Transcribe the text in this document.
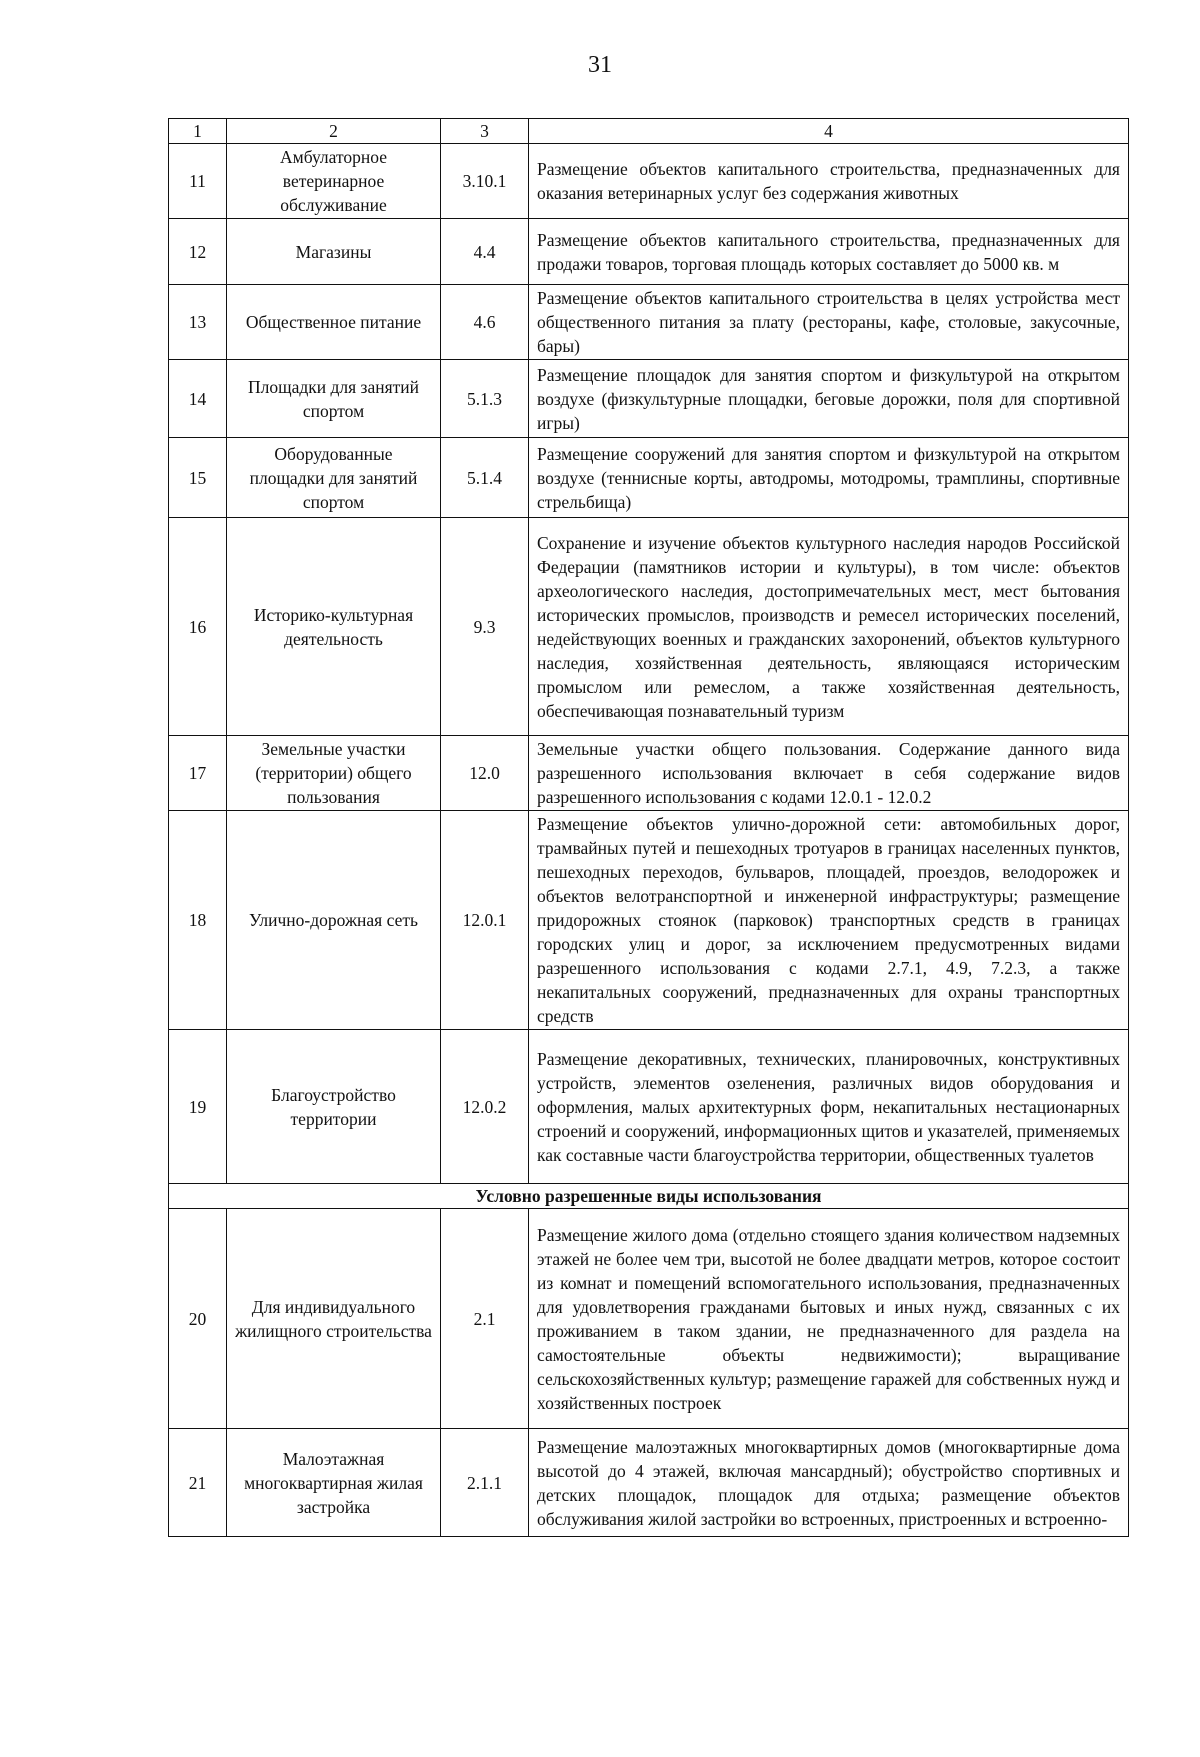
31
1	2	3	4
11	Амбулаторное ветеринарное обслуживание	3.10.1	Размещение объектов капитального строительства, предназначенных для оказания ветеринарных услуг без содержания животных
12	Магазины	4.4	Размещение объектов капитального строительства, предназначенных для продажи товаров, торговая площадь которых составляет до 5000 кв. м
13	Общественное питание	4.6	Размещение объектов капитального строительства в целях устройства мест общественного питания за плату (рестораны, кафе, столовые, закусочные, бары)
14	Площадки для занятий спортом	5.1.3	Размещение площадок для занятия спортом и физкультурой на открытом воздухе (физкультурные площадки, беговые дорожки, поля для спортивной игры)
15	Оборудованные площадки для занятий спортом	5.1.4	Размещение сооружений для занятия спортом и физкультурой на открытом воздухе (теннисные корты, автодромы, мотодромы, трамплины, спортивные стрельбища)
16	Историко-культурная деятельность	9.3	Сохранение и изучение объектов культурного наследия народов Российской Федерации (памятников истории и культуры), в том числе: объектов археологического наследия, достопримечательных мест, мест бытования исторических промыслов, производств и ремесел исторических поселений, недействующих военных и гражданских захоронений, объектов культурного наследия, хозяйственная деятельность, являющаяся историческим промыслом или ремеслом, а также хозяйственная деятельность, обеспечивающая познавательный туризм
17	Земельные участки (территории) общего пользования	12.0	Земельные участки общего пользования. Содержание данного вида разрешенного использования включает в себя содержание видов разрешенного использования с кодами 12.0.1 - 12.0.2
18	Улично-дорожная сеть	12.0.1	Размещение объектов улично-дорожной сети: автомобильных дорог, трамвайных путей и пешеходных тротуаров в границах населенных пунктов, пешеходных переходов, бульваров, площадей, проездов, велодорожек и объектов велотранспортной и инженерной инфраструктуры; размещение придорожных стоянок (парковок) транспортных средств в границах городских улиц и дорог, за исключением предусмотренных видами разрешенного использования с кодами 2.7.1, 4.9, 7.2.3, а также некапитальных сооружений, предназначенных для охраны транспортных средств
19	Благоустройство территории	12.0.2	Размещение декоративных, технических, планировочных, конструктивных устройств, элементов озеленения, различных видов оборудования и оформления, малых архитектурных форм, некапитальных нестационарных строений и сооружений, информационных щитов и указателей, применяемых как составные части благоустройства территории, общественных туалетов
Условно разрешенные виды использования			
20	Для индивидуального жилищного строительства	2.1	Размещение жилого дома (отдельно стоящего здания количеством надземных этажей не более чем три, высотой не более двадцати метров, которое состоит из комнат и помещений вспомогательного использования, предназначенных для удовлетворения гражданами бытовых и иных нужд, связанных с их проживанием в таком здании, не предназначенного для раздела на самостоятельные объекты недвижимости); выращивание сельскохозяйственных культур; размещение гаражей для собственных нужд и хозяйственных построек
21	Малоэтажная многоквартирная жилая застройка	2.1.1	Размещение малоэтажных многоквартирных домов (многоквартирные дома высотой до 4 этажей, включая мансардный); обустройство спортивных и детских площадок, площадок для отдыха; размещение объектов обслуживания жилой застройки во встроенных, пристроенных и встроенно-
